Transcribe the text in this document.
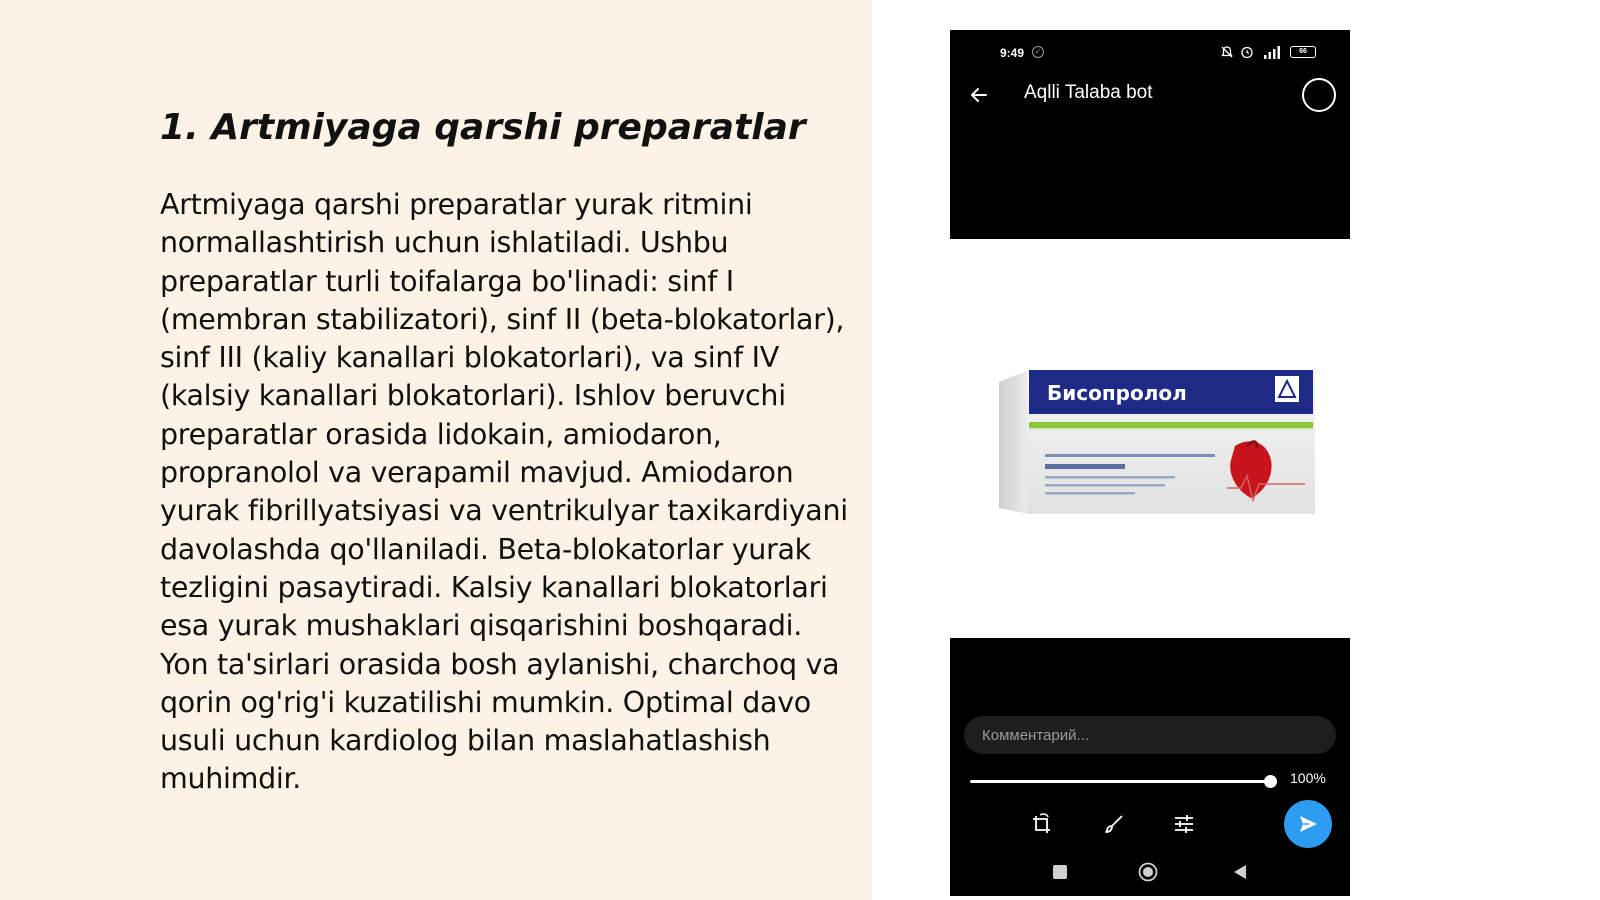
1. Artmiyaga qarshi preparatlar

Artmiyaga qarshi preparatlar yurak ritmini normallashtirish uchun ishlatiladi. Ushbu preparatlar turli toifalarga bo'linadi: sinf I (membran stabilizatori), sinf II (beta-blokatorlar), sinf III (kaliy kanallari blokatorlari), va sinf IV (kalsiy kanallari blokatorlari). Ishlov beruvchi preparatlar orasida lidokain, amiodaron, propranolol va verapamil mavjud. Amiodaron yurak fibrillyatsiyasi va ventrikulyar taxikardiyani davolashda qo'llaniladi. Beta-blokatorlar yurak tezligini pasaytiradi. Kalsiy kanallari blokatorlari esa yurak mushaklari qisqarishini boshqaradi. Yon ta'sirlari orasida bosh aylanishi, charchoq va qorin og'rig'i kuzatilishi mumkin. Optimal davo usuli uchun kardiolog bilan maslahatlashish muhimdir.

9:49	✓	66
Aqlli Talaba bot
Бисопролол
Комментарий...
100%
